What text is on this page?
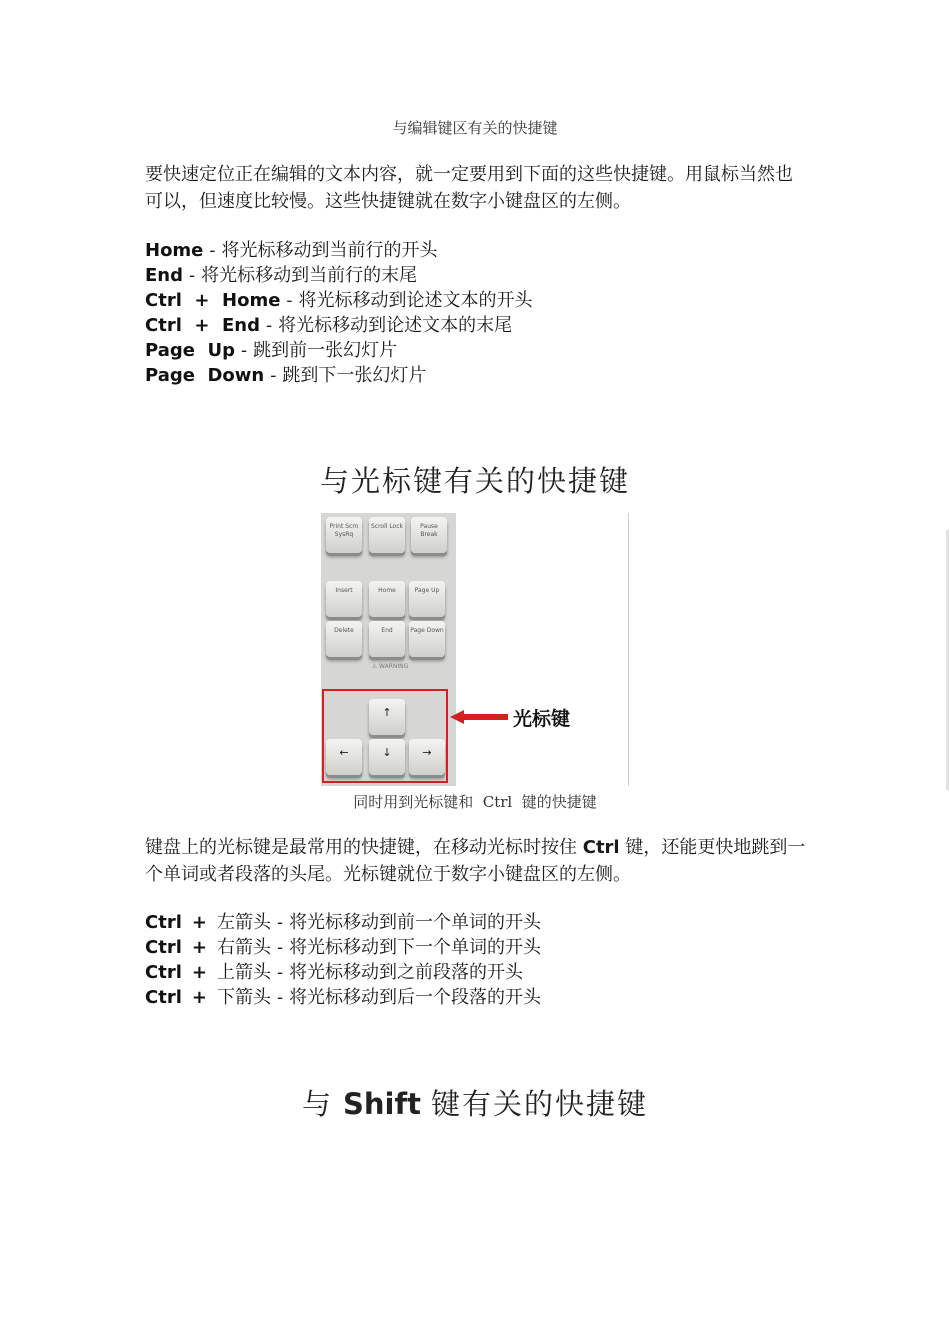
与编辑键区有关的快捷键
要快速定位正在编辑的文本内容，就一定要用到下面的这些快捷键。用鼠标当然也可以，但速度比较慢。这些快捷键就在数字小键盘区的左侧。
Home - 将光标移动到当前行的开头
End - 将光标移动到当前行的末尾
Ctrl  +  Home - 将光标移动到论述文本的开头
Ctrl  +  End - 将光标移动到论述文本的末尾
Page  Up - 跳到前一张幻灯片
Page  Down - 跳到下一张幻灯片
与光标键有关的快捷键
Print Scrn SysRq
Scroll Lock	Pause Break
Insert	Home	Page Up
Delete	End	Page Down
⚠ WARNING
↑
←	↓	→
光标键
同时用到光标键和  Ctrl  键的快捷键
键盘上的光标键是最常用的快捷键，在移动光标时按住 Ctrl 键，还能更快地跳到一个单词或者段落的头尾。光标键就位于数字小键盘区的左侧。
Ctrl + 左箭头 - 将光标移动到前一个单词的开头
Ctrl + 右箭头 - 将光标移动到下一个单词的开头
Ctrl + 上箭头 - 将光标移动到之前段落的开头
Ctrl + 下箭头 - 将光标移动到后一个段落的开头
与 Shift 键有关的快捷键
